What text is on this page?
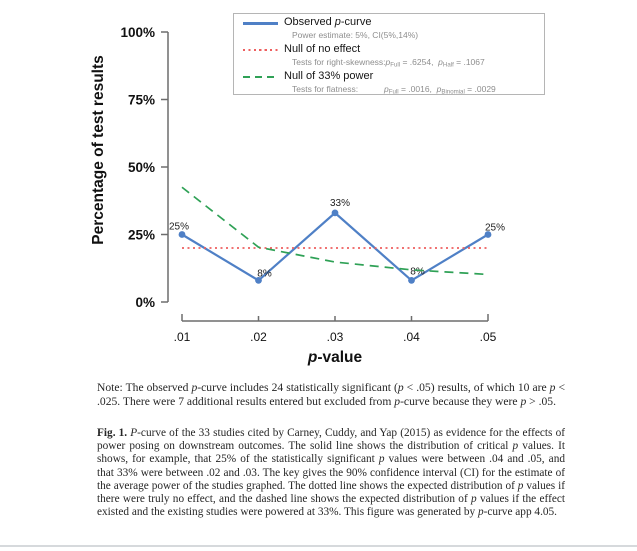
0%
25%
50%
75%
100%
.01	.02	.03	.04	.05
25%
8%
33%
8%
25%
Percentage of test results
p-value
Observed p-curve
Power estimate: 5%, CI(5%,14%)
Null of no effect
Tests for right-$skewness:p_{Full} = .6254$,  $p_{Half} = .1067$
Null of 33% power
Tests for flatness:	$p_{Full} = .0016$,  $p_{Binomial} = .0029$
Note: The observed p-curve includes 24 statistically significant (p < .05) results, of which 10 are p < .025. There were 7 additional results entered but excluded from p-curve because they were p > .05.
Fig. 1. P-curve of the 33 studies cited by Carney, Cuddy, and Yap (2015) as evidence for the effects of power posing on downstream outcomes. The solid line shows the distribution of critical p values. It shows, for example, that 25% of the statistically significant p values were between .04 and .05, and that 33% were between .02 and .03. The key gives the 90% confidence interval (CI) for the estimate of the average power of the studies graphed. The dotted line shows the expected distribution of p values if there were truly no effect, and the dashed line shows the expected distribution of p values if the effect existed and the existing studies were powered at 33%. This figure was generated by p-curve app 4.05.
